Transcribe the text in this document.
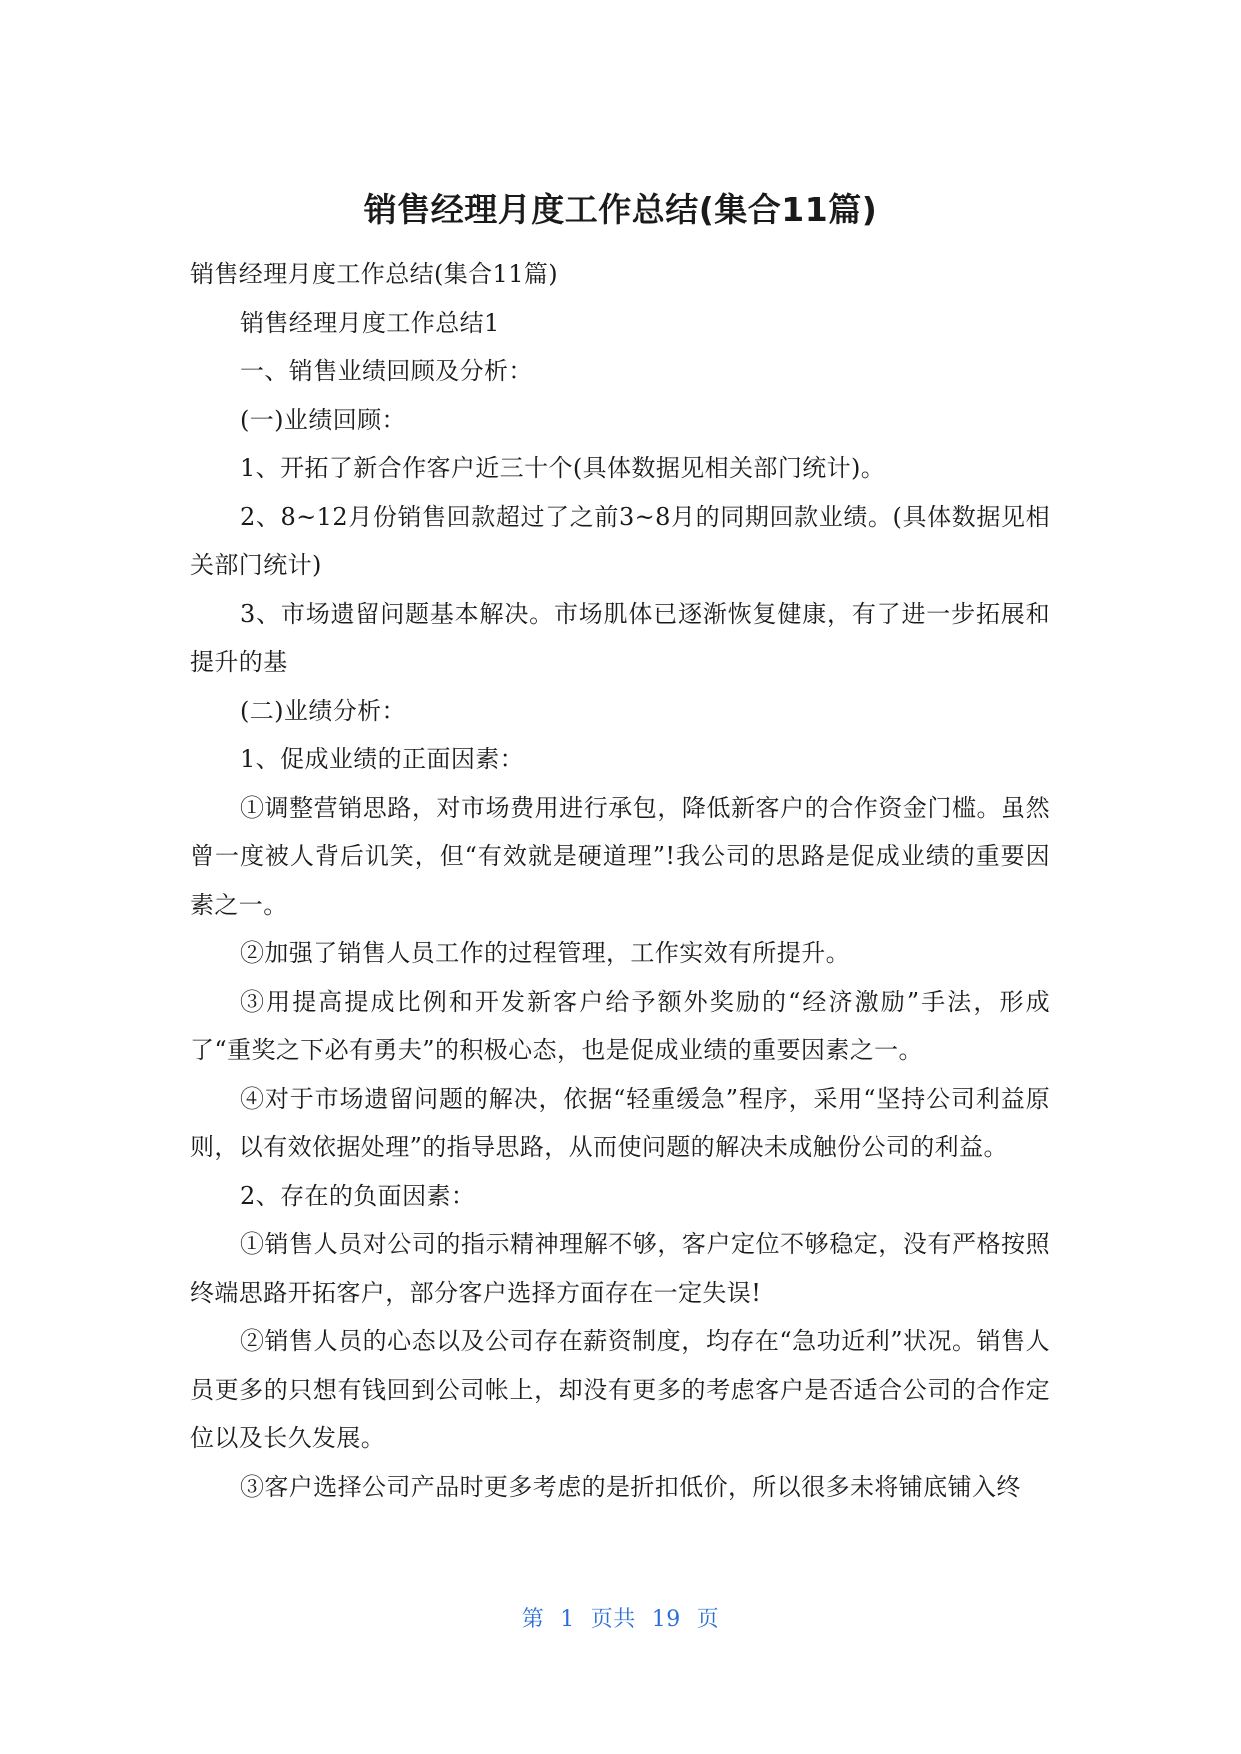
销售经理月度工作总结(集合11篇)

销售经理月度工作总结(集合11篇)

销售经理月度工作总结1

一、销售业绩回顾及分析：

(一)业绩回顾：

1、开拓了新合作客户近三十个(具体数据见相关部门统计)。

2、8~12月份销售回款超过了之前3~8月的同期回款业绩。(具体数据见相关部门统计)

3、市场遗留问题基本解决。市场肌体已逐渐恢复健康，有了进一步拓展和提升的基

(二)业绩分析：

1、促成业绩的正面因素：

①调整营销思路，对市场费用进行承包，降低新客户的合作资金门槛。虽然曾一度被人背后讥笑，但“有效就是硬道理”!我公司的思路是促成业绩的重要因素之一。

②加强了销售人员工作的过程管理，工作实效有所提升。

③用提高提成比例和开发新客户给予额外奖励的“经济激励”手法，形成了“重奖之下必有勇夫”的积极心态，也是促成业绩的重要因素之一。

④对于市场遗留问题的解决，依据“轻重缓急”程序，采用“坚持公司利益原则，以有效依据处理”的指导思路，从而使问题的解决未成触份公司的利益。

2、存在的负面因素：

①销售人员对公司的指示精神理解不够，客户定位不够稳定，没有严格按照终端思路开拓客户，部分客户选择方面存在一定失误!

②销售人员的心态以及公司存在薪资制度，均存在“急功近利”状况。销售人员更多的只想有钱回到公司帐上，却没有更多的考虑客户是否适合公司的合作定位以及长久发展。

③客户选择公司产品时更多考虑的是折扣低价，所以很多未将铺底铺入终

第 1 页共 19 页
